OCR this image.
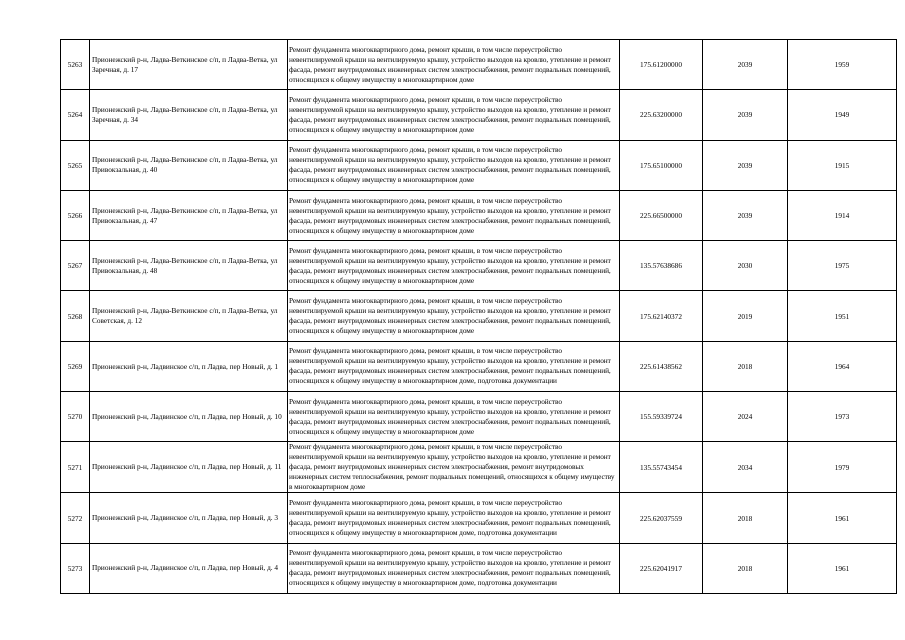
5263	Прионежский р-н, Ладва-Веткинское с/п, п Ладва-Ветка, ул Заречная, д. 17	Ремонт фундамента многоквартирного дома, ремонт крыши, в том числе переустройство невентилируемой крыши на вентилируемую крышу, устройство выходов на кровлю, утепление и ремонт фасада, ремонт внутридомовых инженерных систем электроснабжения, ремонт подвальных помещений, относящихся к общему имуществу в многоквартирном доме	175.61200000	2039	1959

5264	Прионежский р-н, Ладва-Веткинское с/п, п Ладва-Ветка, ул Заречная, д. 34	Ремонт фундамента многоквартирного дома, ремонт крыши, в том числе переустройство невентилируемой крыши на вентилируемую крышу, устройство выходов на кровлю, утепление и ремонт фасада, ремонт внутридомовых инженерных систем электроснабжения, ремонт подвальных помещений, относящихся к общему имуществу в многоквартирном доме	225.63200000	2039	1949

5265	Прионежский р-н, Ладва-Веткинское с/п, п Ладва-Ветка, ул Привокзальная, д. 40	Ремонт фундамента многоквартирного дома, ремонт крыши, в том числе переустройство невентилируемой крыши на вентилируемую крышу, устройство выходов на кровлю, утепление и ремонт фасада, ремонт внутридомовых инженерных систем электроснабжения, ремонт подвальных помещений, относящихся к общему имуществу в многоквартирном доме	175.65100000	2039	1915

5266	Прионежский р-н, Ладва-Веткинское с/п, п Ладва-Ветка, ул Привокзальная, д. 47	Ремонт фундамента многоквартирного дома, ремонт крыши, в том числе переустройство невентилируемой крыши на вентилируемую крышу, устройство выходов на кровлю, утепление и ремонт фасада, ремонт внутридомовых инженерных систем электроснабжения, ремонт подвальных помещений, относящихся к общему имуществу в многоквартирном доме	225.66500000	2039	1914

5267	Прионежский р-н, Ладва-Веткинское с/п, п Ладва-Ветка, ул Привокзальная, д. 48	Ремонт фундамента многоквартирного дома, ремонт крыши, в том числе переустройство невентилируемой крыши на вентилируемую крышу, устройство выходов на кровлю, утепление и ремонт фасада, ремонт внутридомовых инженерных систем электроснабжения, ремонт подвальных помещений, относящихся к общему имуществу в многоквартирном доме	135.57638686	2030	1975

5268	Прионежский р-н, Ладва-Веткинское с/п, п Ладва-Ветка, ул Советская, д. 12	Ремонт фундамента многоквартирного дома, ремонт крыши, в том числе переустройство невентилируемой крыши на вентилируемую крышу, устройство выходов на кровлю, утепление и ремонт фасада, ремонт внутридомовых инженерных систем электроснабжения, ремонт подвальных помещений, относящихся к общему имуществу в многоквартирном доме	175.62140372	2019	1951

5269	Прионежский р-н, Ладвинское с/п, п Ладва, пер Новый, д. 1	Ремонт фундамента многоквартирного дома, ремонт крыши, в том числе переустройство невентилируемой крыши на вентилируемую крышу, устройство выходов на кровлю, утепление и ремонт фасада, ремонт внутридомовых инженерных систем электроснабжения, ремонт подвальных помещений, относящихся к общему имуществу в многоквартирном доме, подготовка документации	225.61438562	2018	1964

5270	Прионежский р-н, Ладвинское с/п, п Ладва, пер Новый, д. 10	Ремонт фундамента многоквартирного дома, ремонт крыши, в том числе переустройство невентилируемой крыши на вентилируемую крышу, устройство выходов на кровлю, утепление и ремонт фасада, ремонт внутридомовых инженерных систем электроснабжения, ремонт подвальных помещений, относящихся к общему имуществу в многоквартирном доме	155.59339724	2024	1973

5271	Прионежский р-н, Ладвинское с/п, п Ладва, пер Новый, д. 11	Ремонт фундамента многоквартирного дома, ремонт крыши, в том числе переустройство невентилируемой крыши на вентилируемую крышу, устройство выходов на кровлю, утепление и ремонт фасада, ремонт внутридомовых инженерных систем электроснабжения, ремонт внутридомовых инженерных систем теплоснабжения, ремонт подвальных помещений, относящихся к общему имуществу в многоквартирном доме	135.55743454	2034	1979

5272	Прионежский р-н, Ладвинское с/п, п Ладва, пер Новый, д. 3	Ремонт фундамента многоквартирного дома, ремонт крыши, в том числе переустройство невентилируемой крыши на вентилируемую крышу, устройство выходов на кровлю, утепление и ремонт фасада, ремонт внутридомовых инженерных систем электроснабжения, ремонт подвальных помещений, относящихся к общему имуществу в многоквартирном доме, подготовка документации	225.62037559	2018	1961

5273	Прионежский р-н, Ладвинское с/п, п Ладва, пер Новый, д. 4	Ремонт фундамента многоквартирного дома, ремонт крыши, в том числе переустройство невентилируемой крыши на вентилируемую крышу, устройство выходов на кровлю, утепление и ремонт фасада, ремонт внутридомовых инженерных систем электроснабжения, ремонт подвальных помещений, относящихся к общему имуществу в многоквартирном доме, подготовка документации	225.62041917	2018	1961
